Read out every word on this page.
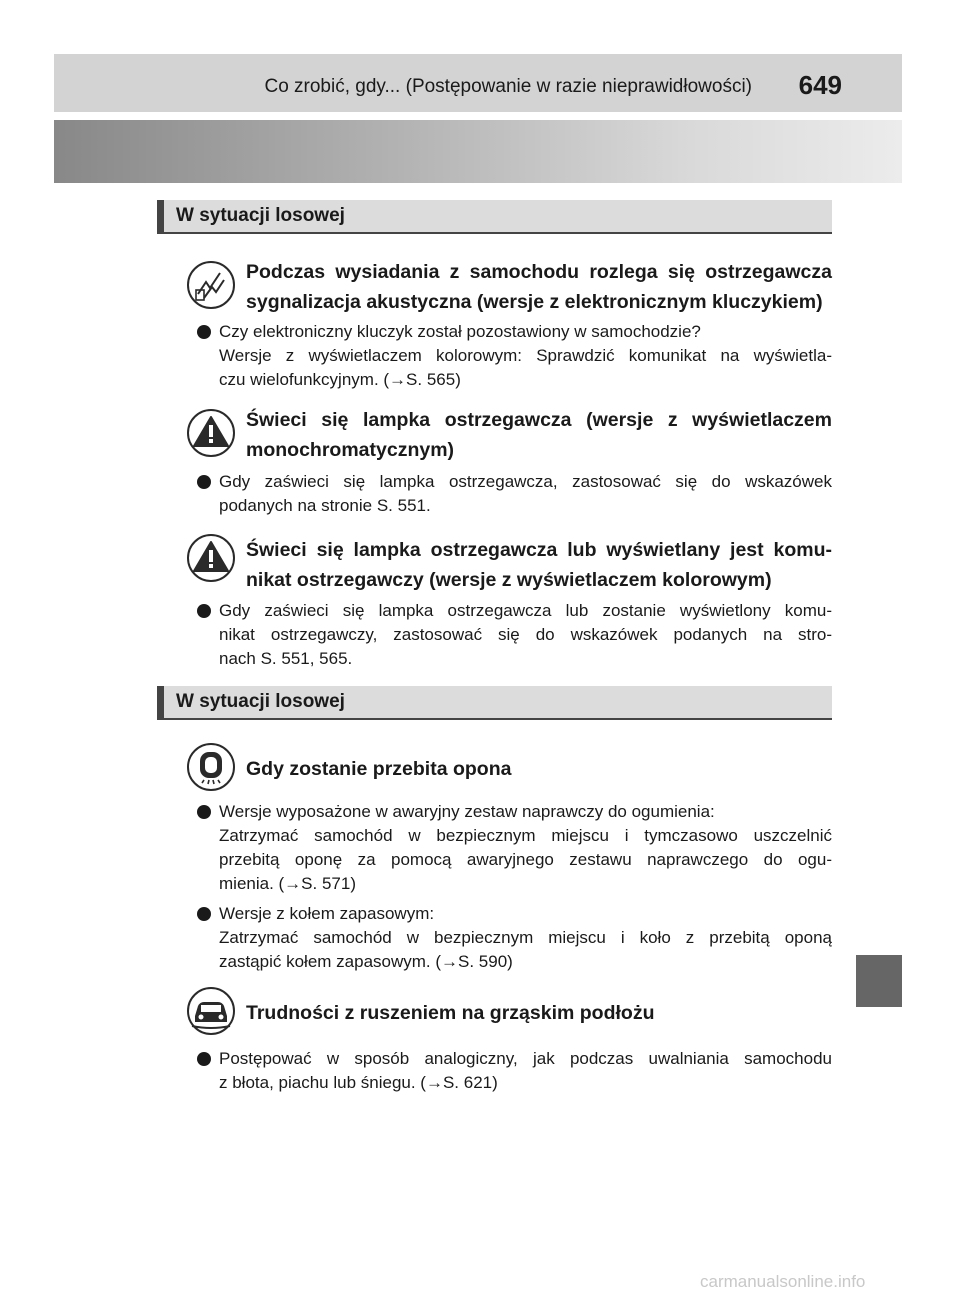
Co zrobić, gdy... (Postępowanie w razie nieprawidłowości) 649
W sytuacji losowej
Podczas wysiadania z samochodu rozlega się ostrzegawcza
sygnalizacja akustyczna (wersje z elektronicznym kluczykiem)
Czy elektroniczny kluczyk został pozostawiony w samochodzie?
Wersje z wyświetlaczem kolorowym: Sprawdzić komunikat na wyświetla-
czu wielofunkcyjnym. (→S. 565)
Świeci się lampka ostrzegawcza (wersje z wyświetlaczem
monochromatycznym)
Gdy zaświeci się lampka ostrzegawcza, zastosować się do wskazówek
podanych na stronie S. 551.
Świeci się lampka ostrzegawcza lub wyświetlany jest komu-
nikat ostrzegawczy (wersje z wyświetlaczem kolorowym)
Gdy zaświeci się lampka ostrzegawcza lub zostanie wyświetlony komu-
nikat ostrzegawczy, zastosować się do wskazówek podanych na stro-
nach S. 551, 565.
W sytuacji losowej
Gdy zostanie przebita opona
Wersje wyposażone w awaryjny zestaw naprawczy do ogumienia:
Zatrzymać samochód w bezpiecznym miejscu i tymczasowo uszczelnić
przebitą oponę za pomocą awaryjnego zestawu naprawczego do ogu-
mienia. (→S. 571)
Wersje z kołem zapasowym:
Zatrzymać samochód w bezpiecznym miejscu i koło z przebitą oponą
zastąpić kołem zapasowym. (→S. 590)
Trudności z ruszeniem na grząskim podłożu
Postępować w sposób analogiczny, jak podczas uwalniania samochodu
z błota, piachu lub śniegu. (→S. 621)
carmanualsonline.info
